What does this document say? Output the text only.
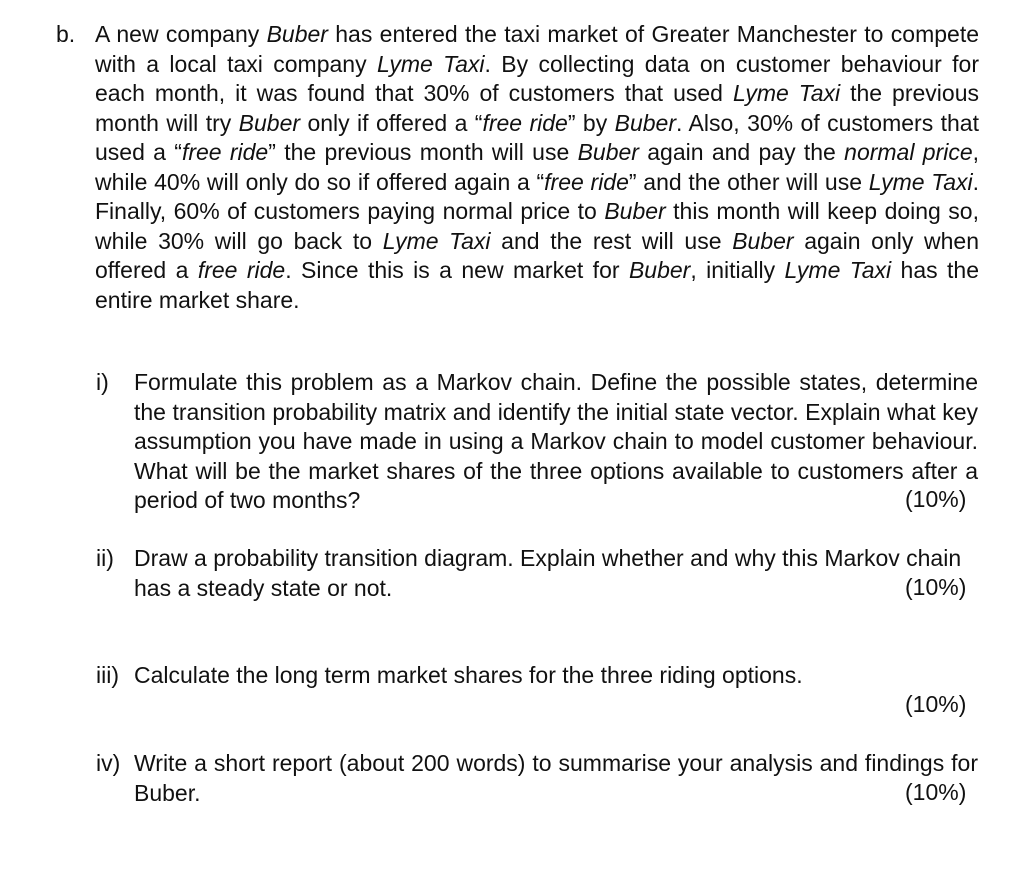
b. A new company Buber has entered the taxi market of Greater Manchester to compete with a local taxi company Lyme Taxi. By collecting data on customer behaviour for each month, it was found that 30% of customers that used Lyme Taxi the previous month will try Buber only if offered a “free ride” by Buber. Also, 30% of customers that used a “free ride” the previous month will use Buber again and pay the normal price, while 40% will only do so if offered again a “free ride” and the other will use Lyme Taxi. Finally, 60% of customers paying normal price to Buber this month will keep doing so, while 30% will go back to Lyme Taxi and the rest will use Buber again only when offered a free ride. Since this is a new market for Buber, initially Lyme Taxi has the entire market share.
i) Formulate this problem as a Markov chain. Define the possible states, determine the transition probability matrix and identify the initial state vector. Explain what key assumption you have made in using a Markov chain to model customer behaviour. What will be the market shares of the three options available to customers after a period of two months?	(10%)
ii) Draw a probability transition diagram. Explain whether and why this Markov chain has a steady state or not.	(10%)
iii) Calculate the long term market shares for the three riding options.
(10%)
iv) Write a short report (about 200 words) to summarise your analysis and findings for Buber.	(10%)
